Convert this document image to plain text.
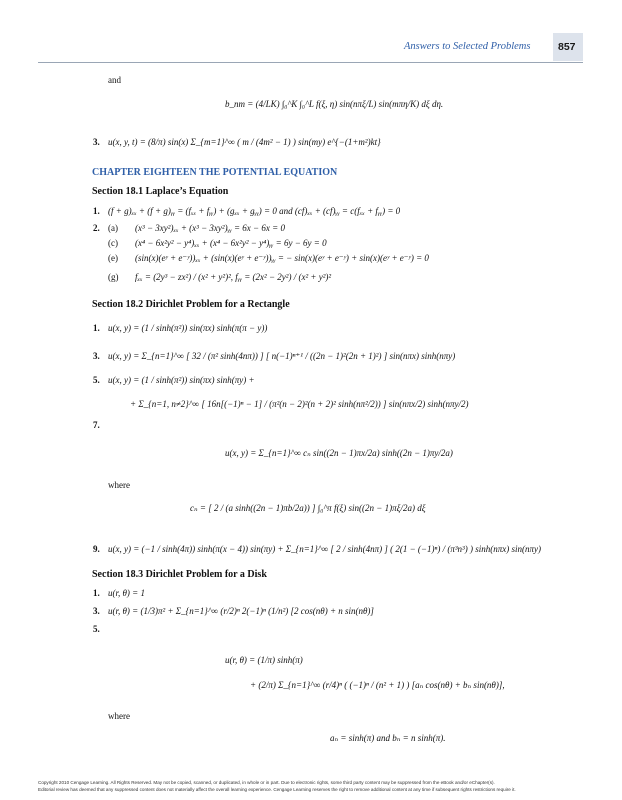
Answers to Selected Problems	857
and
b_nm = (4/LK) ∫₀^K ∫₀^L f(ξ, η) sin(nπξ/L) sin(mπη/K) dξ dη.
3. u(x, y, t) = (8/π) sin(x) Σ_{m=1}^∞ ( m / (4m² − 1) ) sin(my) e^{−(1+m²)kt}
CHAPTER EIGHTEEN THE POTENTIAL EQUATION
Section 18.1 Laplace’s Equation
1. (f + g)ₓₓ + (f + g)ᵧᵧ = (fₓₓ + fᵧᵧ) + (gₓₓ + gᵧᵧ) = 0 and (cf)ₓₓ + (cf)ᵧᵧ = c(fₓₓ + fᵧᵧ) = 0
2. (a) (x³ − 3xy²)ₓₓ + (x³ − 3xy²)ᵧᵧ = 6x − 6x = 0
(c) (x⁴ − 6x²y² − y⁴)ₓₓ + (x⁴ − 6x²y² − y⁴)ᵧᵧ = 6y − 6y = 0
(e) (sin(x)(eʸ + e⁻ʸ))ₓₓ + (sin(x)(eʸ + e⁻ʸ))ᵧᵧ = − sin(x)(eʸ + e⁻ʸ) + sin(x)(eʸ + e⁻ʸ) = 0
(g) fₓₓ = (2y³ − zx²) / (x² + y²)², fᵧᵧ = (2x² − 2y²) / (x² + y²)²
Section 18.2 Dirichlet Problem for a Rectangle
1. u(x, y) = (1 / sinh(π²)) sin(πx) sinh(π(π − y))
3. u(x, y) = Σ_{n=1}^∞ [ 32 / (π² sinh(4nπ)) ] [ n(−1)ⁿ⁺¹ / ((2n − 1)²(2n + 1)²) ] sin(nπx) sinh(nπy)
5. u(x, y) = (1 / sinh(π²)) sin(πx) sinh(πy) +
+ Σ_{n=1, n≠2}^∞ [ 16n[(−1)ⁿ − 1] / (π²(n − 2)²(n + 2)² sinh(nπ²/2)) ] sin(nπx/2) sinh(nπy/2)
7.
u(x, y) = Σ_{n=1}^∞ cₙ sin((2n − 1)πx/2a) sinh((2n − 1)πy/2a)
where
cₙ = [ 2 / (a sinh((2n − 1)πb/2a)) ] ∫₀^π f(ξ) sin((2n − 1)πξ/2a) dξ
9. u(x, y) = (−1 / sinh(4π)) sinh(π(x − 4)) sin(πy) + Σ_{n=1}^∞ [ 2 / sinh(4nπ) ] ( 2(1 − (−1)ⁿ) / (π³n³) ) sinh(nπx) sin(nπy)
Section 18.3 Dirichlet Problem for a Disk
1. u(r, θ) = 1
3. u(r, θ) = (1/3)π² + Σ_{n=1}^∞ (r/2)ⁿ 2(−1)ⁿ (1/n²) [2 cos(nθ) + n sin(nθ)]
5.
u(r, θ) = (1/π) sinh(π)
+ (2/π) Σ_{n=1}^∞ (r/4)ⁿ ( (−1)ⁿ / (n² + 1) ) [aₙ cos(nθ) + bₙ sin(nθ)],
where
aₙ = sinh(π) and bₙ = n sinh(π).
Copyright 2010 Cengage Learning. All Rights Reserved. May not be copied, scanned, or duplicated, in whole or in part. Due to electronic rights, some third party content may be suppressed from the eBook and/or eChapter(s).
Editorial review has deemed that any suppressed content does not materially affect the overall learning experience. Cengage Learning reserves the right to remove additional content at any time if subsequent rights restrictions require it.
